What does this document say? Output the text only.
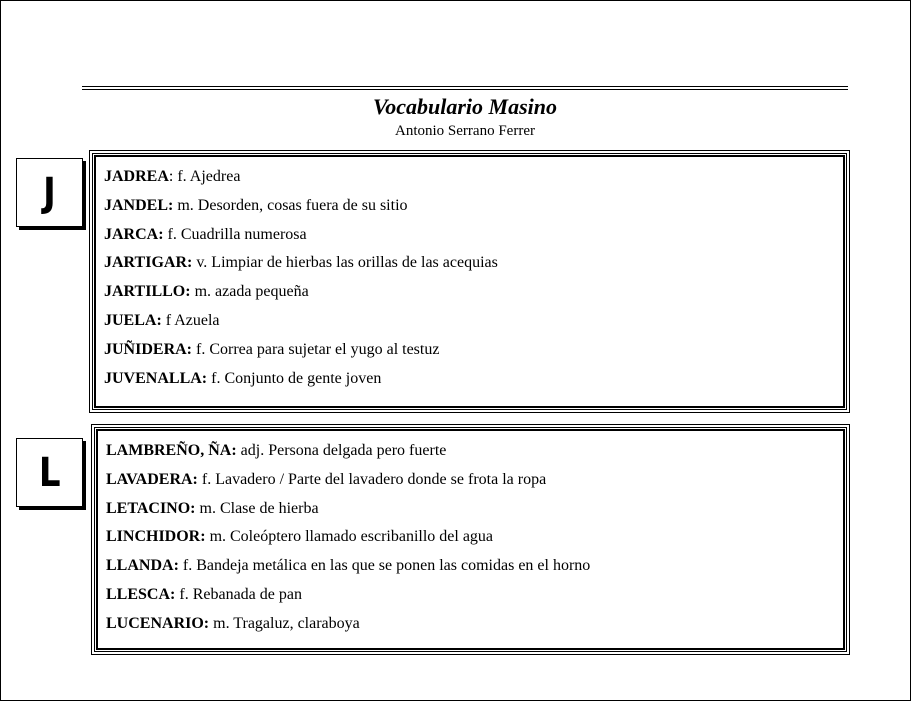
Vocabulario Masino
Antonio Serrano Ferrer
J	JADREA: f. Ajedrea
JANDEL: m. Desorden, cosas fuera de su sitio
JARCA: f. Cuadrilla numerosa
JARTIGAR: v. Limpiar de hierbas las orillas de las acequias
JARTILLO: m. azada pequeña
JUELA: f Azuela
JUÑIDERA: f. Correa para sujetar el yugo al testuz
JUVENALLA: f. Conjunto de gente joven
L	LAMBREÑO, ÑA: adj. Persona delgada pero fuerte
LAVADERA: f. Lavadero / Parte del lavadero donde se frota la ropa
LETACINO: m. Clase de hierba
LINCHIDOR: m. Coleóptero llamado escribanillo del agua
LLANDA: f. Bandeja metálica en las que se ponen las comidas en el horno
LLESCA: f. Rebanada de pan
LUCENARIO: m. Tragaluz, claraboya
